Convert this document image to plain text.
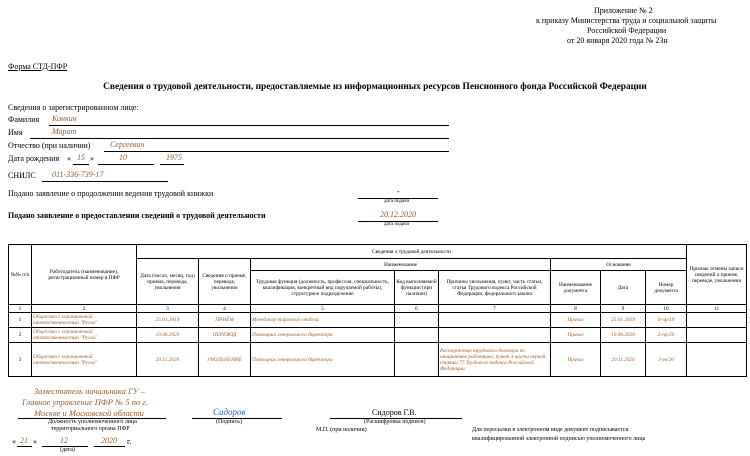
Приложение № 2
к приказу Министерства труда и социальной защиты
Российской Федерации
от 20 января 2020 года № 23н
Форма СТД-ПФР
Сведения о трудовой деятельности, предоставляемые из информационных ресурсов Пенсионного фонда Российской Федерации
Сведения о зарегистрированном лице:
Фамилия Конкин
Имя	Марат
Отчество (при наличии) Сергеевич
Дата рождения « 15 »	10	1975
СНИЛС 011-336-739-17
Подано заявление о продолжении ведения трудовой книжки	-
дата подачи
Подано заявление о предоставлении сведений о трудовой деятельности	20.12.2020
дата подачи
№№ п/п	Работодатель (наименование), регистрационный номер в ПФР	Сведения о трудовой деятельности								Признак отмены записи сведений о приеме, переводе, увольнении
		Дата (число, месяц, год) приема, перевода, увольнения	Сведения о приеме, переводе, увольнении	Наименование			Основание			
				Трудовая функция (должность, профессия, специальность, квалификация, конкретный вид поручаемой работы), структурное подразделение	Код выполняемой функции (при наличии)	Причины увольнения, пункт, часть статьи, статья Трудового кодекса Российской Федерации, федерального закона	Наименование документа	Дата	Номер документа	
1	2	3	4	5	6	7	8	9	10	11
1	Общество с ограниченной ответственностью "Ругли"	25.01.2019	ПРИЁМ	Менеджер торгового отдела			Приказ	25.01.2019	6-пр/19	
2	Общество с ограниченной ответственностью "Ругли"	10.06.2020	ПЕРЕВОД	Помощник генерального директора			Приказ	10.06.2020	2-пр/20	
3	Общество с ограниченной ответственностью "Ругли"	20.11.2020	УВОЛЬНЕНИЕ	Помощник генерального директора		Расторжение трудового договора по инициативе работника, пункт 3 части первой статьи 77 Трудового кодекса Российской Федерации	Приказ	20.11.2020	3-ув/20	
Заместитель начальника ГУ –
Главное управление ПФР № 5 по г.
Москве и Московской области
Должность уполномоченного лица
территориального органа ПФР
Сидоров
(Подпись)
Сидоров Г.В.
(Расшифровка подписи)
М.П. (при наличии)	Для пересылки в электронном виде документ подписывается
квалифицированной электронной подписью уполномоченного лица
« 21 »	12	2020 г.
(дата)
